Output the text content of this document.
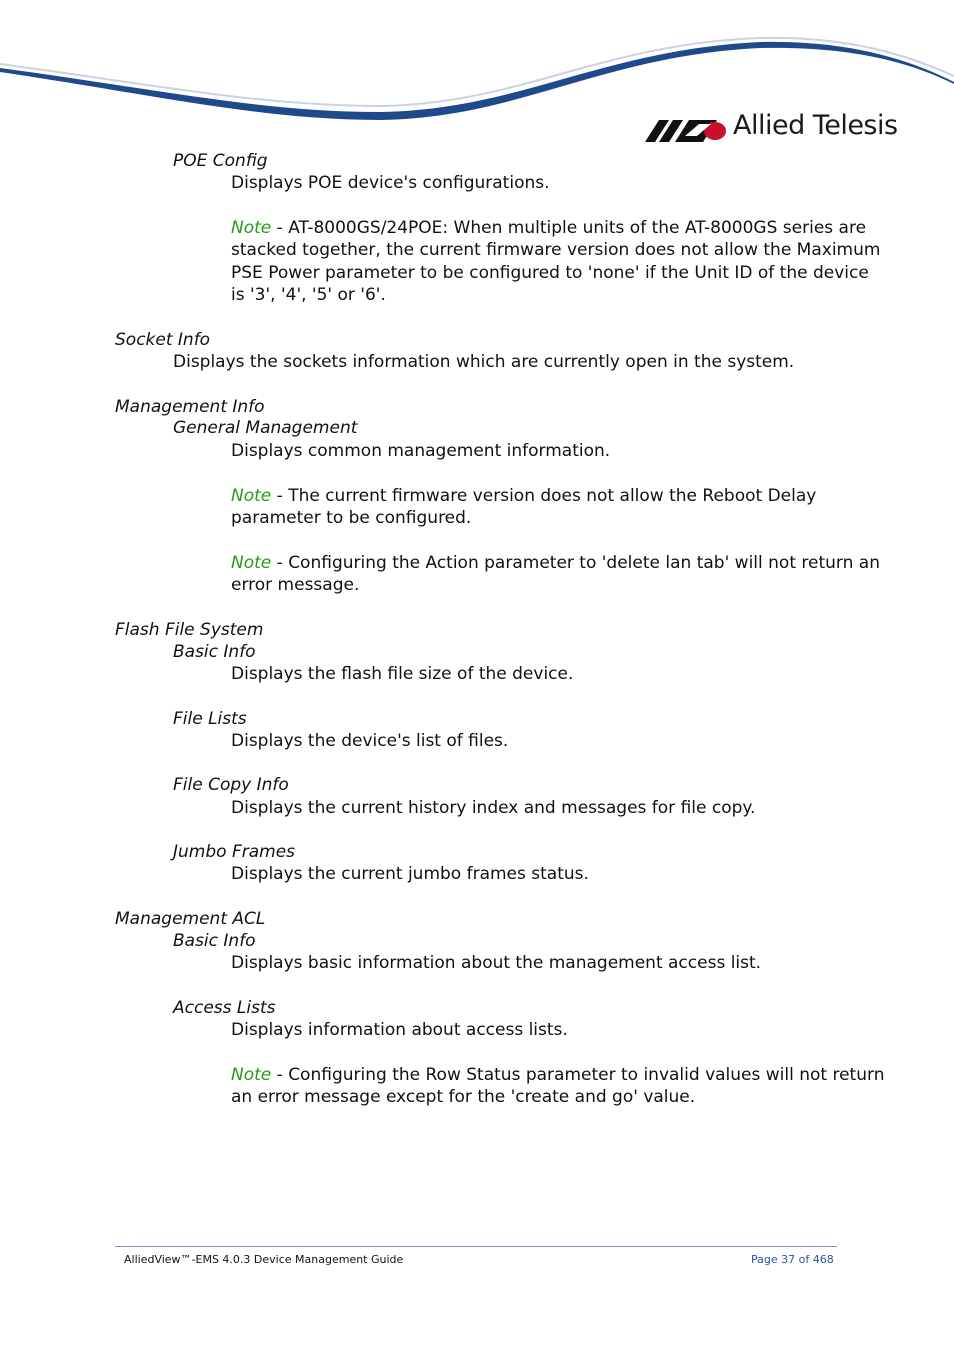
Allied Telesis
POE Config
Displays POE device's configurations.
Note - AT-8000GS/24POE: When multiple units of the AT-8000GS series are
stacked together, the current firmware version does not allow the Maximum
PSE Power parameter to be configured to 'none' if the Unit ID of the device
is '3', '4', '5' or '6'.
Socket Info
Displays the sockets information which are currently open in the system.
Management Info
General Management
Displays common management information.
Note - The current firmware version does not allow the Reboot Delay
parameter to be configured.
Note - Configuring the Action parameter to 'delete lan tab' will not return an
error message.
Flash File System
Basic Info
Displays the flash file size of the device.
File Lists
Displays the device's list of files.
File Copy Info
Displays the current history index and messages for file copy.
Jumbo Frames
Displays the current jumbo frames status.
Management ACL
Basic Info
Displays basic information about the management access list.
Access Lists
Displays information about access lists.
Note - Configuring the Row Status parameter to invalid values will not return
an error message except for the 'create and go' value.
AlliedView™-EMS 4.0.3 Device Management Guide	Page 37 of 468
